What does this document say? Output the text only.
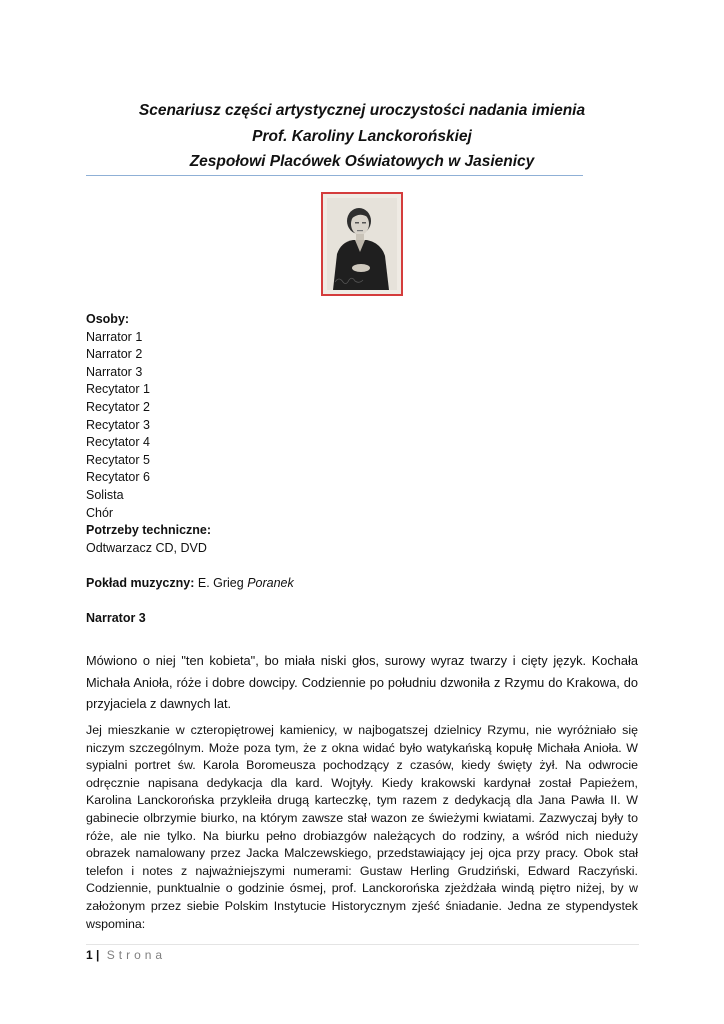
Scenariusz części artystycznej uroczystości nadania imienia
Prof. Karoliny Lanckorońskiej
Zespołowi Placówek Oświatowych w Jasienicy
Osoby:
Narrator 1
Narrator 2
Narrator 3
Recytator 1
Recytator 2
Recytator 3
Recytator 4
Recytator 5
Recytator 6
Solista
Chór
Potrzeby techniczne:
Odtwarzacz CD, DVD
Pokład muzyczny: E. Grieg Poranek
Narrator 3
Mówiono o niej "ten kobieta", bo miała niski głos, surowy wyraz twarzy i cięty język. Kochała Michała Anioła, róże i dobre dowcipy. Codziennie po południu dzwoniła z Rzymu do Krakowa, do przyjaciela z dawnych lat.
Jej mieszkanie w czteropiętrowej kamienicy, w najbogatszej dzielnicy Rzymu, nie wyróżniało się niczym szczególnym. Może poza tym, że z okna widać było watykańską kopułę Michała Anioła. W sypialni portret św. Karola Boromeusza pochodzący z czasów, kiedy święty żył. Na odwrocie odręcznie napisana dedykacja dla kard. Wojtyły. Kiedy krakowski kardynał został Papieżem, Karolina Lanckorońska przykleiła drugą karteczkę, tym razem z dedykacją dla Jana Pawła II. W gabinecie olbrzymie biurko, na którym zawsze stał wazon ze świeżymi kwiatami. Zazwyczaj były to róże, ale nie tylko. Na biurku pełno drobiazgów należących do rodziny, a wśród nich nieduży obrazek namalowany przez Jacka Malczewskiego, przedstawiający jej ojca przy pracy. Obok stał telefon i notes z najważniejszymi numerami: Gustaw Herling Grudziński, Edward Raczyński. Codziennie, punktualnie o godzinie ósmej, prof. Lanckorońska zjeżdżała windą piętro niżej, by w założonym przez siebie Polskim Instytucie Historycznym zjeść śniadanie. Jedna ze stypendystek wspomina:
1 | Strona
